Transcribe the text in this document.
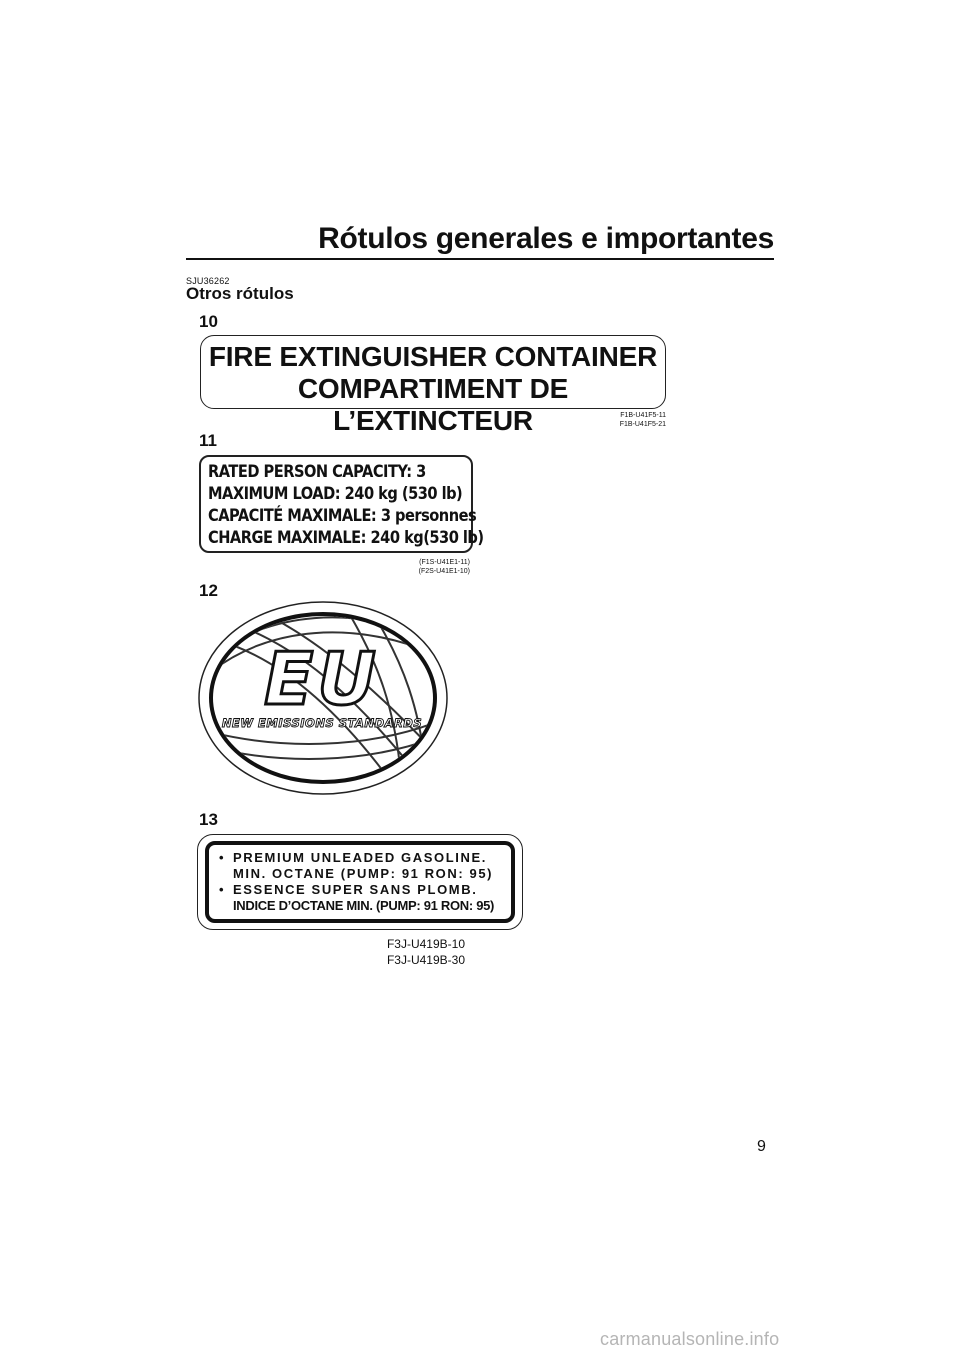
Rótulos generales e importantes
SJU36262
Otros rótulos
10
FIRE EXTINGUISHER CONTAINER
COMPARTIMENT DE L’EXTINCTEUR	F1B-U41F5-11
F1B-U41F5-21
11
RATED PERSON CAPACITY: 3
MAXIMUM LOAD: 240 kg (530 lb)
CAPACITÉ MAXIMALE: 3 personnes
CHARGE MAXIMALE: 240 kg(530 lb)
(F1S-U41E1-11)
(F2S-U41E1-10)
12
EU
NEW EMISSIONS STANDARDS
13
• PREMIUM UNLEADED GASOLINE.
MIN. OCTANE (PUMP: 91 RON: 95)
• ESSENCE SUPER SANS PLOMB.
INDICE D’OCTANE MIN. (PUMP: 91 RON: 95)
F3J-U419B-10
F3J-U419B-30
9
carmanualsonline.info
